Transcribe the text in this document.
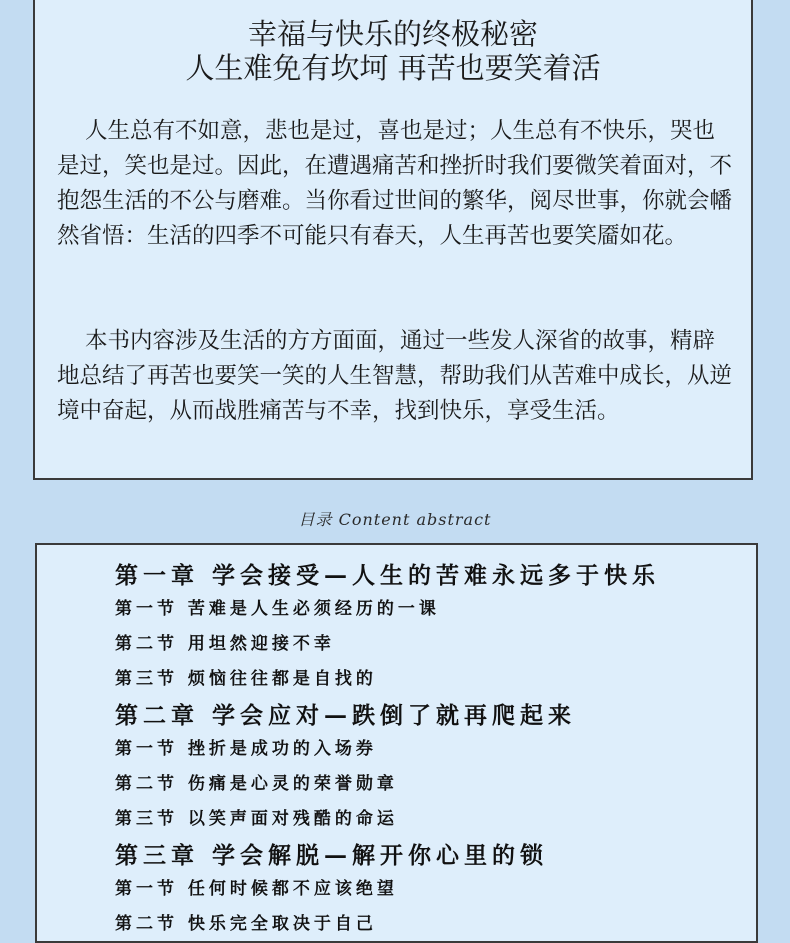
幸福与快乐的终极秘密

人生难免有坎坷 再苦也要笑着活

人生总有不如意，悲也是过，喜也是过；人生总有不快乐，哭也是过，笑也是过。因此，在遭遇痛苦和挫折时我们要微笑着面对，不抱怨生活的不公与磨难。当你看过世间的繁华，阅尽世事，你就会幡然省悟：生活的四季不可能只有春天，人生再苦也要笑靥如花。

本书内容涉及生活的方方面面，通过一些发人深省的故事，精辟地总结了再苦也要笑一笑的人生智慧，帮助我们从苦难中成长，从逆境中奋起，从而战胜痛苦与不幸，找到快乐，享受生活。

目录 Content abstract
第一章 学会接受—人生的苦难永远多于快乐
第一节 苦难是人生必须经历的一课
第二节 用坦然迎接不幸
第三节 烦恼往往都是自找的
第二章 学会应对—跌倒了就再爬起来
第一节 挫折是成功的入场券
第二节 伤痛是心灵的荣誉勋章
第三节 以笑声面对残酷的命运
第三章 学会解脱—解开你心里的锁
第一节 任何时候都不应该绝望
第二节 快乐完全取决于自己
